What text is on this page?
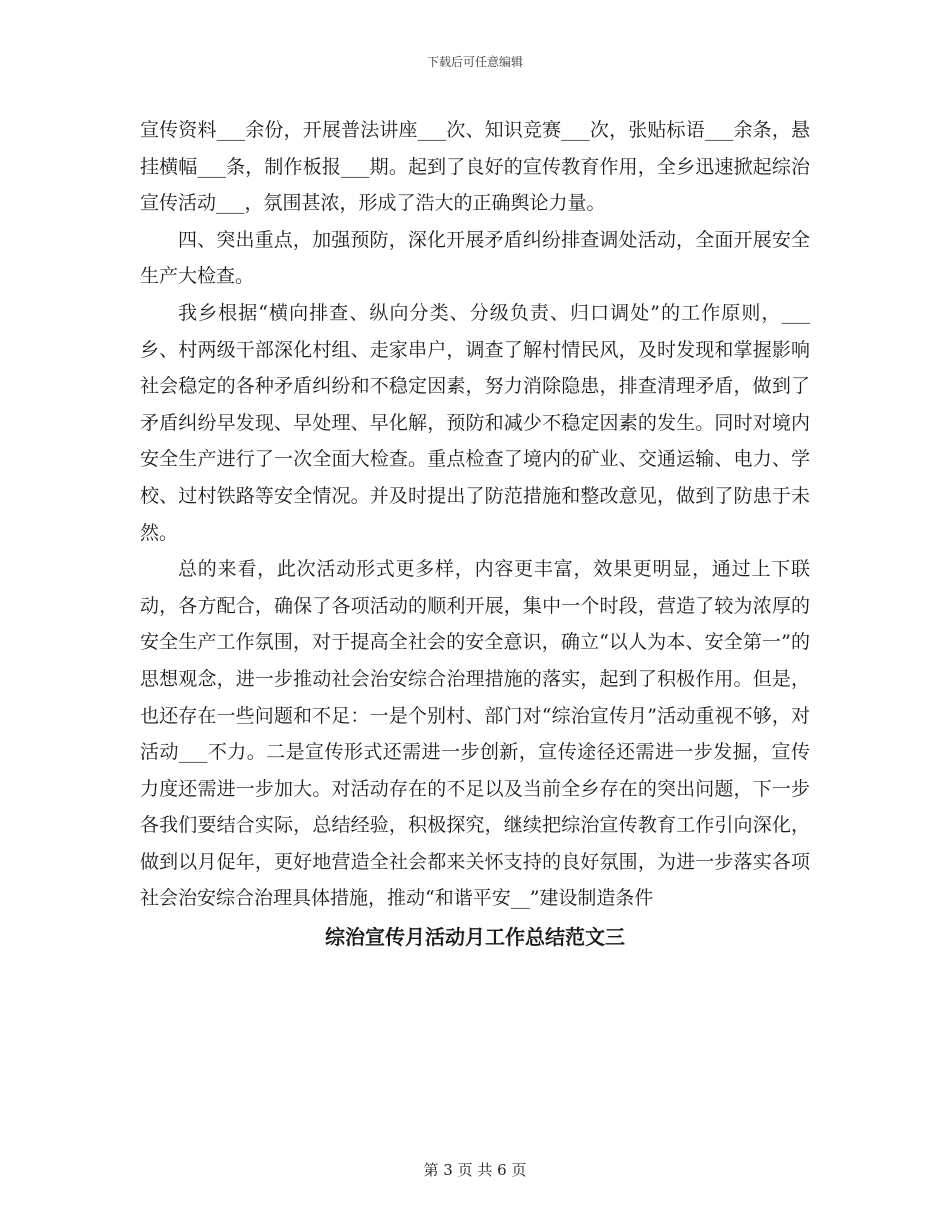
下载后可任意编辑

宣传资料___余份，开展普法讲座___次、知识竞赛___次，张贴标语___余条，悬挂横幅___条，制作板报___期。起到了良好的宣传教育作用，全乡迅速掀起综治宣传活动___，氛围甚浓，形成了浩大的正确舆论力量。

四、突出重点，加强预防，深化开展矛盾纠纷排查调处活动，全面开展安全生产大检查。

我乡根据“横向排查、纵向分类、分级负责、归口调处”的工作原则，___乡、村两级干部深化村组、走家串户，调查了解村情民风，及时发现和掌握影响社会稳定的各种矛盾纠纷和不稳定因素，努力消除隐患，排查清理矛盾，做到了矛盾纠纷早发现、早处理、早化解，预防和减少不稳定因素的发生。同时对境内安全生产进行了一次全面大检查。重点检查了境内的矿业、交通运输、电力、学校、过村铁路等安全情况。并及时提出了防范措施和整改意见，做到了防患于未然。

总的来看，此次活动形式更多样，内容更丰富，效果更明显，通过上下联动，各方配合，确保了各项活动的顺利开展，集中一个时段，营造了较为浓厚的安全生产工作氛围，对于提高全社会的安全意识，确立“以人为本、安全第一”的思想观念，进一步推动社会治安综合治理措施的落实，起到了积极作用。但是，也还存在一些问题和不足：一是个别村、部门对“综治宣传月”活动重视不够，对活动___不力。二是宣传形式还需进一步创新，宣传途径还需进一步发掘，宣传力度还需进一步加大。对活动存在的不足以及当前全乡存在的突出问题，下一步各我们要结合实际，总结经验，积极探究，继续把综治宣传教育工作引向深化，做到以月促年，更好地营造全社会都来关怀支持的良好氛围，为进一步落实各项社会治安综合治理具体措施，推动“和谐平安__”建设制造条件

综治宣传月活动月工作总结范文三
第 3 页 共 6 页
